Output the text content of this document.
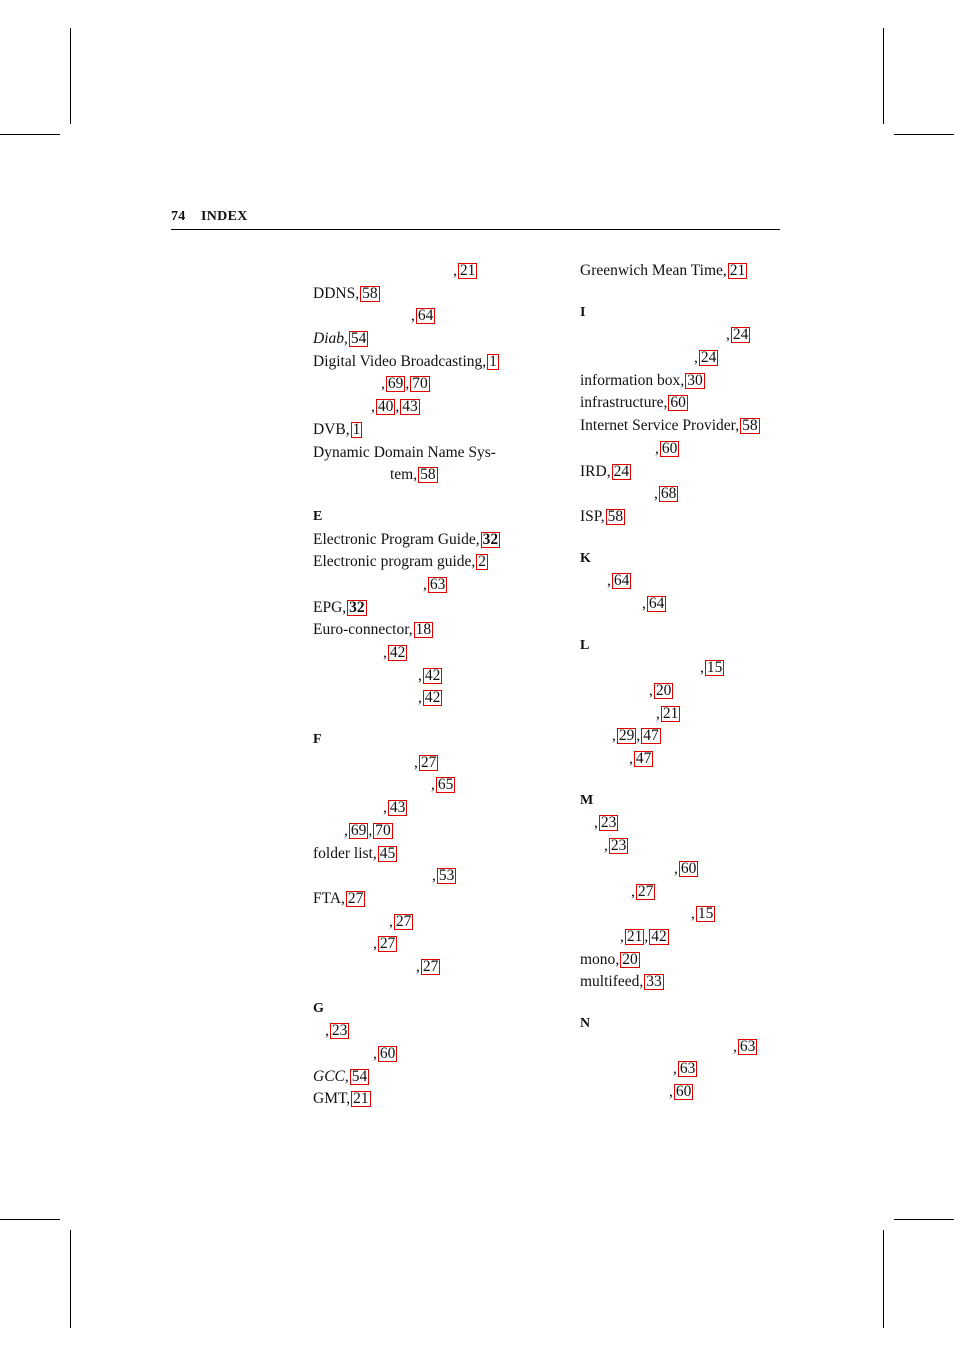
74 INDEX
, 21
DDNS, 58
, 64
Diab, 54
Digital Video Broadcasting, 1
, 69 , 70
, 40 , 43
DVB, 1
Dynamic Domain Name Sys-
tem, 58
E
Electronic Program Guide, 32
Electronic program guide, 2
, 63
EPG, 32
Euro-connector, 18
, 42
, 42
, 42
F
, 27
, 65
, 43
, 69 , 70
folder list, 45
, 53
FTA, 27
, 27
, 27
, 27
G
, 23
, 60
GCC, 54
GMT, 21
Greenwich Mean Time, 21
I
, 24
, 24
information box, 30
infrastructure, 60
Internet Service Provider, 58
, 60
IRD, 24
, 68
ISP, 58
K
, 64
, 64
L
, 15
, 20
, 21
, 29 , 47
, 47
M
, 23
, 23
, 60
, 27
, 15
, 21 , 42
mono, 20
multifeed, 33
N
, 63
, 63
, 60
